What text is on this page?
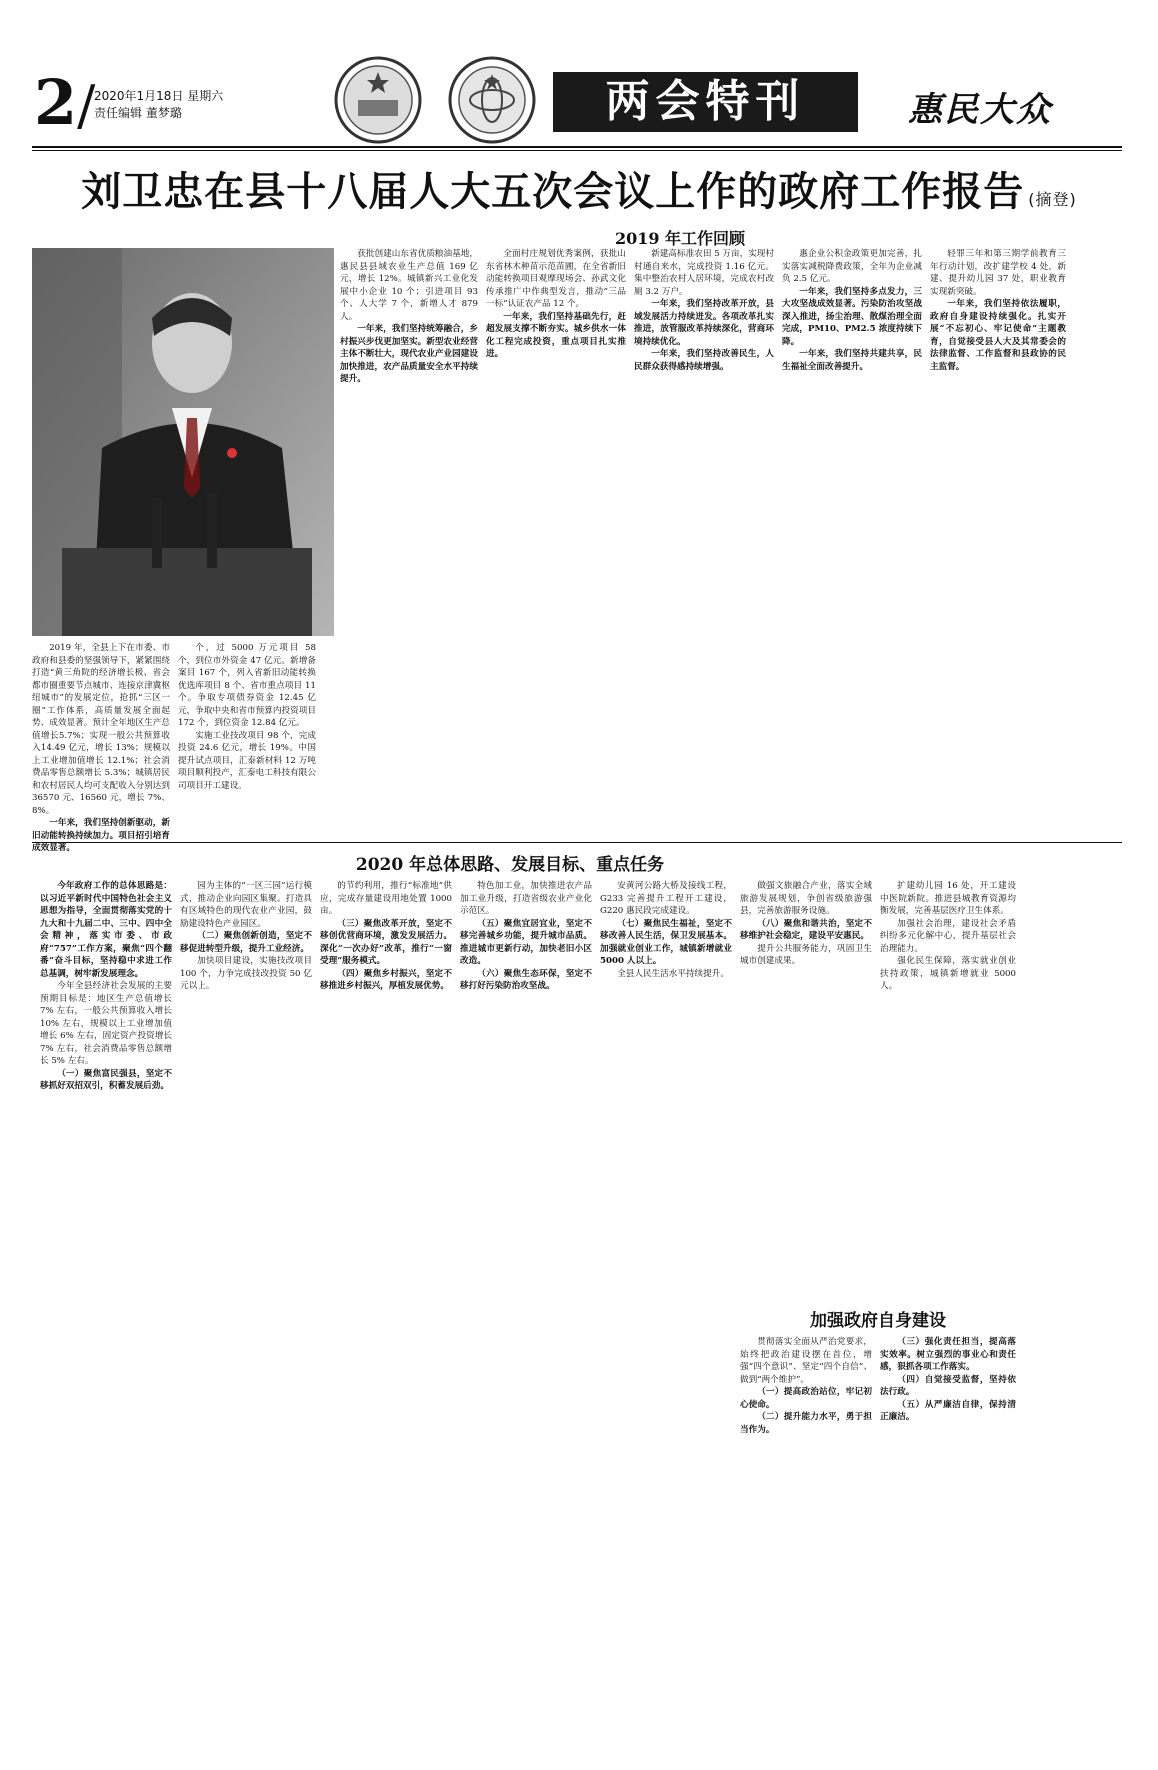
2/
2020年1月18日 星期六
责任编辑 董梦璐	两会特刊	惠民大众
刘卫忠在县十八届人大五次会议上作的政府工作报告 (摘登)
2019 年工作回顾

2019 年，全县上下在市委、市政府和县委的坚强领导下，紧紧围绕打造“黄三角院的经济增长极、省会都市圈重要节点城市、连接京津冀枢纽城市”的发展定位，抢抓“三区一圈”工作体系，高质量发展全面起势、成效显著。预计全年地区生产总值增长5.7%；实现一般公共预算收入14.49 亿元，增长 13%；规模以上工业增加值增长 12.1%；社会消费品零售总额增长 5.3%；城镇居民和农村居民人均可支配收入分别达到 36570 元、16560 元，增长 7%、8%。

一年来，我们坚持创新驱动，新旧动能转换持续加力。项目招引培育成效显著。

个，过 5000 万元项目 58 个，到位市外资金 47 亿元。新增备案目 167 个，列入省新旧动能转换优选库项目 8 个、省市重点项目 11 个。争取专项债券资金 12.45 亿元，争取中央和省市预算内投资项目 172 个，到位资金 12.84 亿元。

实施工业技改项目 98 个，完成投资 24.6 亿元，增长 19%。中国提升试点项目，汇泰新材料 12 万吨项目顺利投产，汇泰电工科技有限公司项目开工建设。

获批创建山东省优质粮油基地，惠民县县域农业生产总值 169 亿元，增长 12%。城镇新兴工业化发展中小企业 10 个；引进项目 93 个、人大学 7 个，新增人才 879 人。

一年来，我们坚持统筹融合，乡村振兴步伐更加坚实。新型农业经营主体不断壮大，现代农业产业园建设加快推进，农产品质量安全水平持续提升。

全面村庄规划优秀案例，获批山东省林木种苗示范苗圃，在全省新旧动能转换项目观摩现场会、孙武文化传承推广中作典型发言，推动“三品一标”认证农产品 12 个。

一年来，我们坚持基础先行，赶超发展支撑不断夯实。城乡供水一体化工程完成投资，重点项目扎实推进。

新建高标准农田 5 万亩，实现村村通自来水，完成投资 1.16 亿元。集中整治农村人居环境，完成农村改厕 3.2 万户。

一年来，我们坚持改革开放，县域发展活力持续迸发。各项改革扎实推进，放管服改革持续深化，营商环境持续优化。

一年来，我们坚持改善民生，人民群众获得感持续增强。

惠企业公积金政策更加完善，扎实落实减税降费政策，全年为企业减负 2.5 亿元。

一年来，我们坚持多点发力，三大攻坚战成效显著。污染防治攻坚战深入推进，扬尘治理、散煤治理全面完成，PM10、PM2.5 浓度持续下降。

一年来，我们坚持共建共享，民生福祉全面改善提升。

轻罪三年和第三期学前教育三年行动计划，改扩建学校 4 处，新建、提升幼儿园 37 处，职业教育实现新突破。

一年来，我们坚持依法履职，政府自身建设持续强化。扎实开展“不忘初心、牢记使命”主题教育，自觉接受县人大及其常委会的法律监督、工作监督和县政协的民主监督。

2020 年总体思路、发展目标、重点任务

今年政府工作的总体思路是：以习近平新时代中国特色社会主义思想为指导，全面贯彻落实党的十九大和十九届二中、三中、四中全会精神，落实市委、市政府“757”工作方案，聚焦“四个翻番”奋斗目标，坚持稳中求进工作总基调，树牢新发展理念。

今年全县经济社会发展的主要预期目标是：地区生产总值增长 7% 左右，一般公共预算收入增长 10% 左右，规模以上工业增加值增长 6% 左右，固定资产投资增长 7% 左右，社会消费品零售总额增长 5% 左右。

（一）聚焦富民强县，坚定不移抓好双招双引，积蓄发展后劲。

园为主体的“一区三园”运行模式，推动企业向园区集聚。打造具有区域特色的现代农业产业园，鼓励建设特色产业园区。

（二）聚焦创新创造，坚定不移促进转型升级，提升工业经济。

加快项目建设，实施技改项目 100 个，力争完成技改投资 50 亿元以上。

的节约利用，推行“标准地”供应，完成存量建设用地处置 1000 亩。

（三）聚焦改革开放，坚定不移创优营商环境，激发发展活力。深化“一次办好”改革，推行“一窗受理”服务模式。

（四）聚焦乡村振兴，坚定不移推进乡村振兴，厚植发展优势。

特色加工业，加快推进农产品加工业升级，打造省级农业产业化示范区。

（五）聚焦宜居宜业，坚定不移完善城乡功能，提升城市品质。推进城市更新行动，加快老旧小区改造。

（六）聚焦生态环保，坚定不移打好污染防治攻坚战。

安黄河公路大桥及接线工程，G233 完善提升工程开工建设，G220 惠民段完成建设。

（七）聚焦民生福祉，坚定不移改善人民生活，保卫发展基本。加强就业创业工作，城镇新增就业 5000 人以上。

全县人民生活水平持续提升。

做强文旅融合产业，落实全域旅游发展规划，争创省级旅游强县，完善旅游服务设施。

（八）聚焦和谐共治，坚定不移维护社会稳定，建设平安惠民。

提升公共服务能力，巩固卫生城市创建成果。

扩建幼儿园 16 处，开工建设中医院新院。推进县城教育资源均衡发展，完善基层医疗卫生体系。

加强社会治理，建设社会矛盾纠纷多元化解中心，提升基层社会治理能力。

强化民生保障，落实就业创业扶持政策，城镇新增就业 5000 人。

加强政府自身建设

贯彻落实全面从严治党要求，始终把政治建设摆在首位，增强“四个意识”、坚定“四个自信”、做到“两个维护”。

（一）提高政治站位，牢记初心使命。

（二）提升能力水平，勇于担当作为。

（三）强化责任担当，提高落实效率。树立强烈的事业心和责任感，狠抓各项工作落实。

（四）自觉接受监督，坚持依法行政。

（五）从严廉洁自律，保持清正廉洁。
